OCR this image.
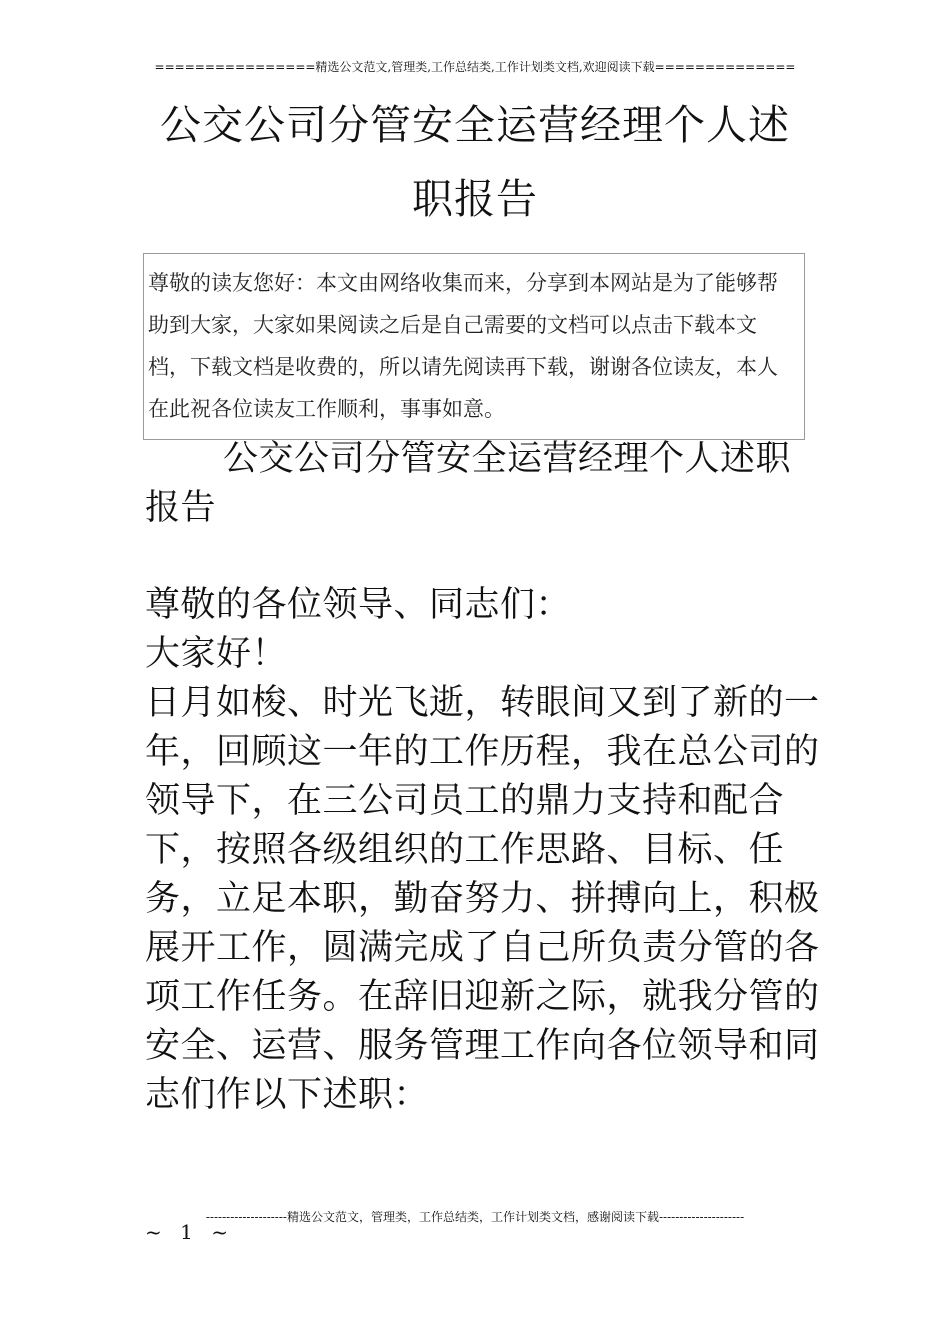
================精选公文范文,管理类,工作总结类,工作计划类文档,欢迎阅读下载==============
公交公司分管安全运营经理个人述
职报告
尊敬的读友您好：本文由网络收集而来，分享到本网站是为了能够帮助到大家，大家如果阅读之后是自己需要的文档可以点击下载本文档，下载文档是收费的，所以请先阅读再下载，谢谢各位读友，本人在此祝各位读友工作顺利，事事如意。

公交公司分管安全运营经理个人述职报告

尊敬的各位领导、同志们：

大家好！

日月如梭、时光飞逝，转眼间又到了新的一年，回顾这一年的工作历程，我在总公司的领导下，在三公司员工的鼎力支持和配合下，按照各级组织的工作思路、目标、任务，立足本职，勤奋努力、拼搏向上，积极展开工作，圆满完成了自己所负责分管的各项工作任务。在辞旧迎新之际，就我分管的安全、运营、服务管理工作向各位领导和同志们作以下述职：

--------------------精选公文范文，管理类，工作总结类，工作计划类文档，感谢阅读下载---------------------
~ 1 ~
